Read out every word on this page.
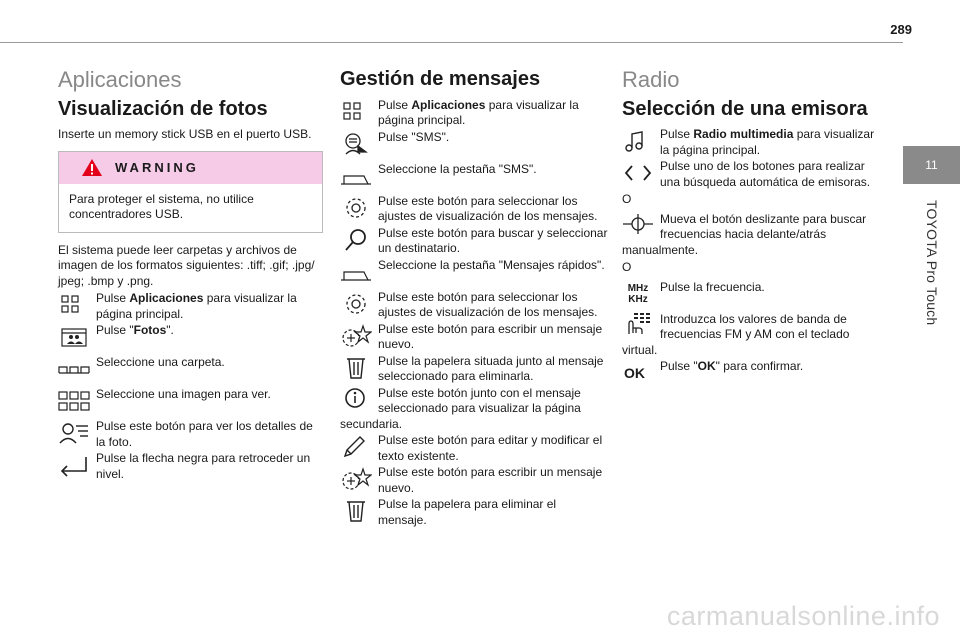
289
11
TOYOTA Pro Touch
Aplicaciones
Visualización de fotos
Inserte un memory stick USB en el puerto USB.
WARNING
Para proteger el sistema, no utilice concentradores USB.
El sistema puede leer carpetas y archivos de imagen de los formatos siguientes: .tiff; .gif; .jpg/ jpeg; .bmp y .png.
Pulse Aplicaciones para visualizar la página principal.
Pulse "Fotos".
Seleccione una carpeta.
Seleccione una imagen para ver.
Pulse este botón para ver los detalles de la foto.
Pulse la flecha negra para retroceder un nivel.
Gestión de mensajes
Pulse Aplicaciones para visualizar la página principal.
Pulse "SMS".
Seleccione la pestaña "SMS".
Pulse este botón para seleccionar los ajustes de visualización de los mensajes.
Pulse este botón para buscar y seleccionar un destinatario.
Seleccione la pestaña "Mensajes rápidos".
Pulse este botón para seleccionar los ajustes de visualización de los mensajes.
Pulse este botón para escribir un mensaje nuevo.
Pulse la papelera situada junto al mensaje seleccionado para eliminarla.
Pulse este botón junto con el mensaje seleccionado para visualizar la página secundaria.
Pulse este botón para editar y modificar el texto existente.
Pulse este botón para escribir un mensaje nuevo.
Pulse la papelera para eliminar el mensaje.
Radio
Selección de una emisora
Pulse Radio multimedia para visualizar la página principal.
Pulse uno de los botones para realizar una búsqueda automática de emisoras.
O
Mueva el botón deslizante para buscar frecuencias hacia delante/atrás manualmente.
O
MHz
KHz
Pulse la frecuencia.
Introduzca los valores de banda de frecuencias FM y AM con el teclado virtual.
OK	Pulse "OK" para confirmar.
carmanualsonline.info
